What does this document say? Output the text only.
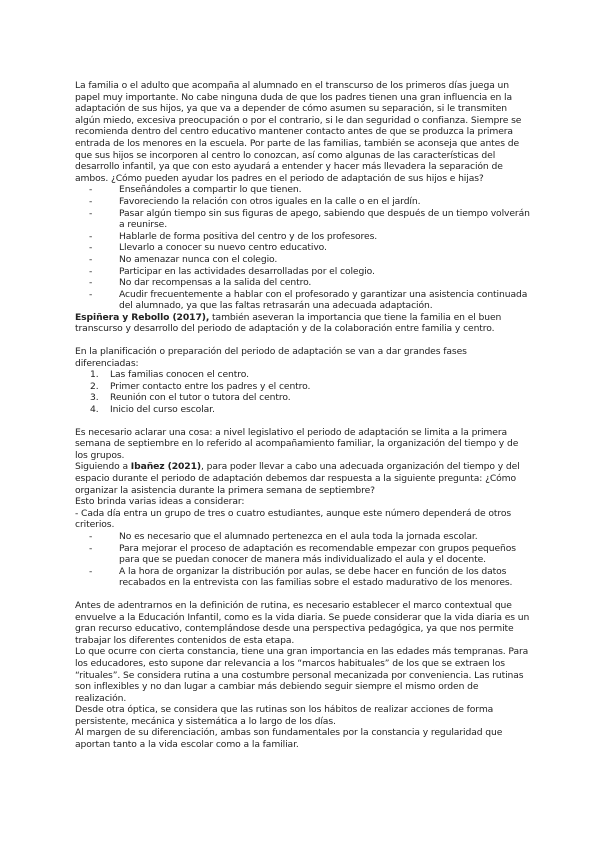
La familia o el adulto que acompaña al alumnado en el transcurso de los primeros días juega un papel muy importante. No cabe ninguna duda de que los padres tienen una gran influencia en la adaptación de sus hijos, ya que va a depender de cómo asumen su separación, si le transmiten algún miedo, excesiva preocupación o por el contrario, si le dan seguridad o confianza. Siempre se recomienda dentro del centro educativo mantener contacto antes de que se produzca la primera entrada de los menores en la escuela. Por parte de las familias, también se aconseja que antes de que sus hijos se incorporen al centro lo conozcan, así como algunas de las características del desarrollo infantil, ya que con esto ayudará a entender y hacer más llevadera la separación de ambos. ¿Cómo pueden ayudar los padres en el periodo de adaptación de sus hijos e hijas?

- Enseñándoles a compartir lo que tienen.
- Favoreciendo la relación con otros iguales en la calle o en el jardín.
- Pasar algún tiempo sin sus figuras de apego, sabiendo que después de un tiempo volverán a reunirse.
- Hablarle de forma positiva del centro y de los profesores.
- Llevarlo a conocer su nuevo centro educativo.
- No amenazar nunca con el colegio.
- Participar en las actividades desarrolladas por el colegio.
- No dar recompensas a la salida del centro.
- Acudir frecuentemente a hablar con el profesorado y garantizar una asistencia continuada del alumnado, ya que las faltas retrasarán una adecuada adaptación.

Espiñera y Rebollo (2017), también aseveran la importancia que tiene la familia en el buen transcurso y desarrollo del periodo de adaptación y de la colaboración entre familia y centro.

En la planificación o preparación del periodo de adaptación se van a dar grandes fases diferenciadas:

1. Las familias conocen el centro.
2. Primer contacto entre los padres y el centro.
3. Reunión con el tutor o tutora del centro.
4. Inicio del curso escolar.

Es necesario aclarar una cosa: a nivel legislativo el periodo de adaptación se limita a la primera semana de septiembre en lo referido al acompañamiento familiar, la organización del tiempo y de los grupos.

Siguiendo a Ibañez (2021), para poder llevar a cabo una adecuada organización del tiempo y del espacio durante el periodo de adaptación debemos dar respuesta a la siguiente pregunta: ¿Cómo organizar la asistencia durante la primera semana de septiembre?

Esto brinda varias ideas a considerar:

- Cada día entra un grupo de tres o cuatro estudiantes, aunque este número dependerá de otros criterios.

- No es necesario que el alumnado pertenezca en el aula toda la jornada escolar.
- Para mejorar el proceso de adaptación es recomendable empezar con grupos pequeños para que se puedan conocer de manera más individualizado el aula y el docente.
- A la hora de organizar la distribución por aulas, se debe hacer en función de los datos recabados en la entrevista con las familias sobre el estado madurativo de los menores.

Antes de adentrarnos en la definición de rutina, es necesario establecer el marco contextual que envuelve a la Educación Infantil, como es la vida diaria. Se puede considerar que la vida diaria es un gran recurso educativo, contemplándose desde una perspectiva pedagógica, ya que nos permite trabajar los diferentes contenidos de esta etapa.

Lo que ocurre con cierta constancia, tiene una gran importancia en las edades más tempranas. Para los educadores, esto supone dar relevancia a los “marcos habituales” de los que se extraen los “rituales”. Se considera rutina a una costumbre personal mecanizada por conveniencia. Las rutinas son inflexibles y no dan lugar a cambiar más debiendo seguir siempre el mismo orden de realización.

Desde otra óptica, se considera que las rutinas son los hábitos de realizar acciones de forma persistente, mecánica y sistemática a lo largo de los días.

Al margen de su diferenciación, ambas son fundamentales por la constancia y regularidad que aportan tanto a la vida escolar como a la familiar.
